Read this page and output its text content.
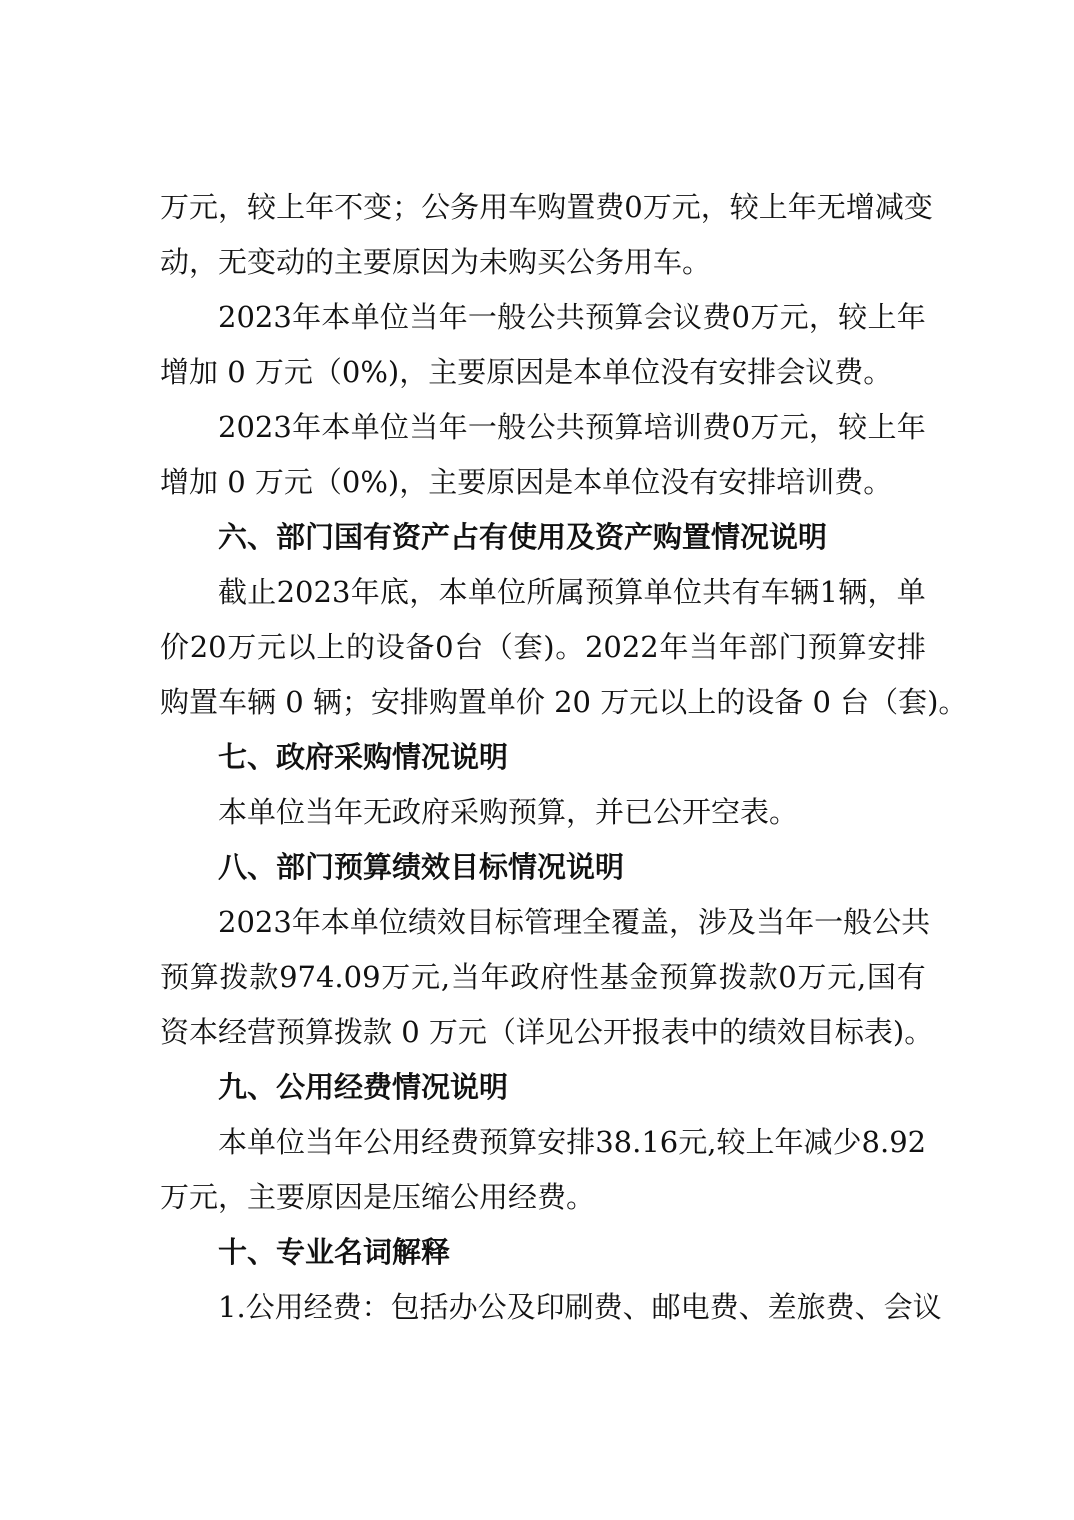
万 元 ， 较 上 年 不 变 ； 公 务 用 车 购 置 费 0 万 元 ， 较 上 年 无 增 减 变
动，无变动的主要原因为未购买公务用车。
2023 年 本 单 位 当 年 一 般 公 共 预 算 会 议 费 0 万 元 ， 较 上 年
增加 0 万元（0%)，主要原因是本单位没有安排会议费。
2023 年 本 单 位 当 年 一 般 公 共 预 算 培 训 费 0 万 元 ， 较 上 年
增加 0 万元（0%)，主要原因是本单位没有安排培训费。
六、部门国有资产占有使用及资产购置情况说明
截 止 2023 年 底 ， 本 单 位 所 属 预 算 单 位 共 有 车 辆 1 辆 ， 单
价 20 万 元 以 上 的 设 备 0 台 （ 套 ) 。 2022 年 当 年 部 门 预 算 安 排
购置车辆 0 辆；安排购置单价 20 万元以上的设备 0 台（套)。
七、政府采购情况说明
本单位当年无政府采购预算，并已公开空表。
八、部门预算绩效目标情况说明
2023 年 本 单 位 绩 效 目 标 管 理 全 覆 盖 ， 涉 及 当 年 一 般 公 共
预 算 拨 款 974.09 万 元 , 当 年 政 府 性 基 金 预 算 拨 款 0 万 元 , 国 有
资本经营预算拨款 0 万元（详见公开报表中的绩效目标表)。
九、公用经费情况说明
本 单 位 当 年 公 用 经 费 预 算 安 排 38.16 元 , 较 上 年 减 少 8.92
万元，主要原因是压缩公用经费。
十、专业名词解释
1.公用经费：包括办公及印刷费、邮电费、差旅费、会议
